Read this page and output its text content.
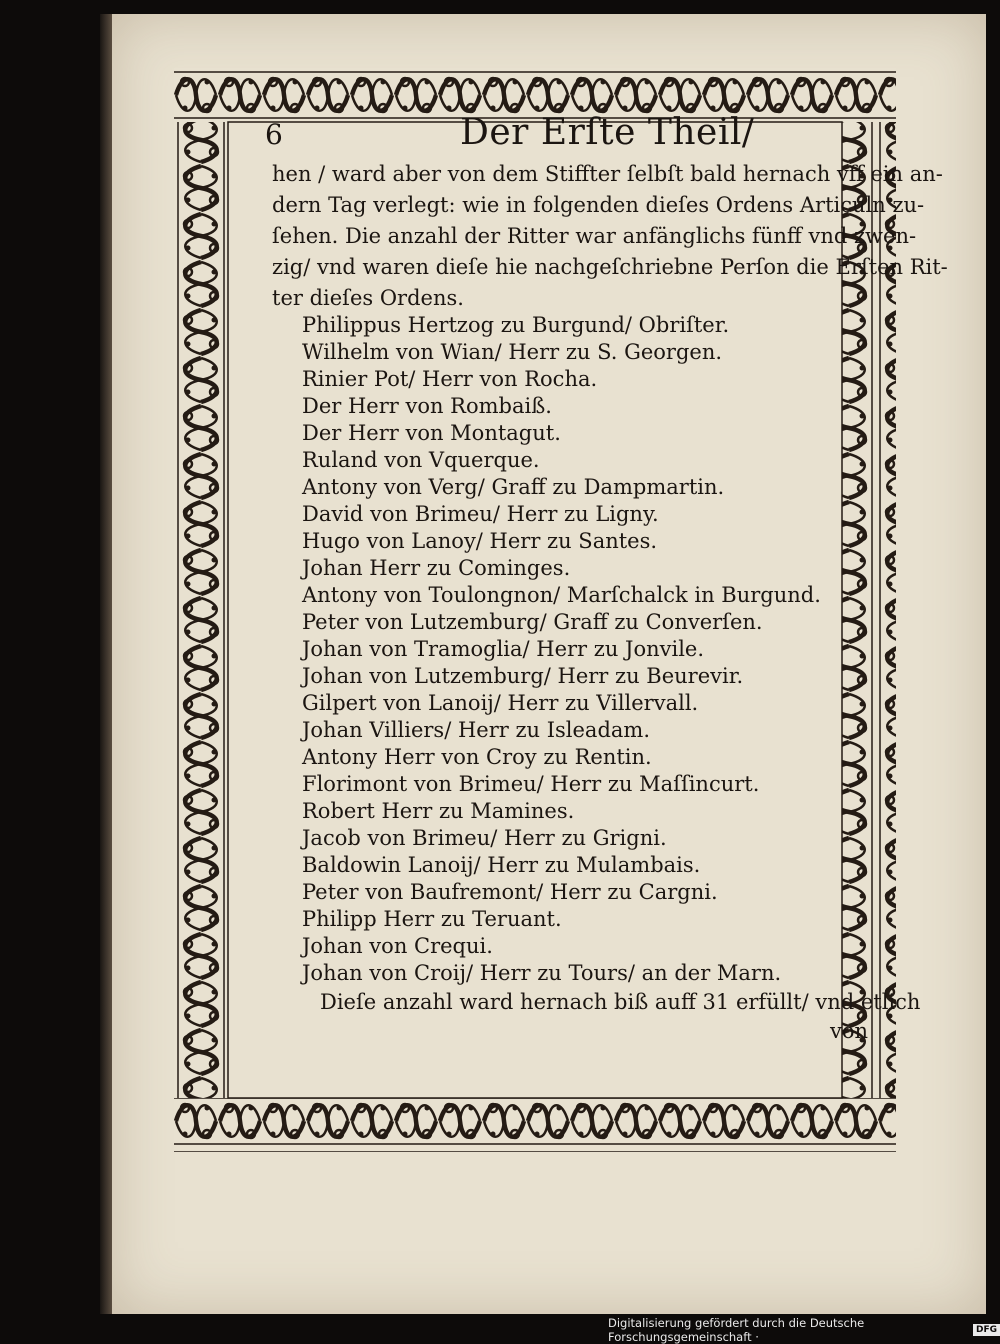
6	Der Erſte Theil/
hen / ward aber von dem Stiffter ſelbſt bald hernach vff ein an-
dern Tag verlegt: wie in folgenden dieſes Ordens Articuln zu-
ſehen. Die anzahl der Ritter war anfänglichs fünff vnd zwen-
zig/ vnd waren dieſe hie nachgeſchriebne Perſon die Erſten Rit-
ter dieſes Ordens.
Philippus Hertzog zu Burgund/ Obriſter.
Wilhelm von Wian/ Herr zu S. Georgen.
Rinier Pot/ Herr von Rocha.
Der Herr von Rombaiß.
Der Herr von Montagut.
Ruland von Vquerque.
Antony von Verg/ Graff zu Dampmartin.
David von Brimeu/ Herr zu Ligny.
Hugo von Lanoy/ Herr zu Santes.
Johan Herr zu Cominges.
Antony von Toulongnon/ Marſchalck in Burgund.
Peter von Lutzemburg/ Graff zu Converſen.
Johan von Tramoglia/ Herr zu Jonvile.
Johan von Lutzemburg/ Herr zu Beurevir.
Gilpert von Lanoij/ Herr zu Villervall.
Johan Villiers/ Herr zu Isleadam.
Antony Herr von Croy zu Rentin.
Florimont von Brimeu/ Herr zu Maſſincurt.
Robert Herr zu Mamines.
Jacob von Brimeu/ Herr zu Grigni.
Baldowin Lanoij/ Herr zu Mulambais.
Peter von Baufremont/ Herr zu Cargni.
Philipp Herr zu Teruant.
Johan von Crequi.
Johan von Croij/ Herr zu Tours/ an der Marn.
Dieſe anzahl ward hernach biß auff 31 erfüllt/ vnd etlich
von
Digitalisierung gefördert durch die Deutsche Forschungsgemeinschaft ·	DFG
